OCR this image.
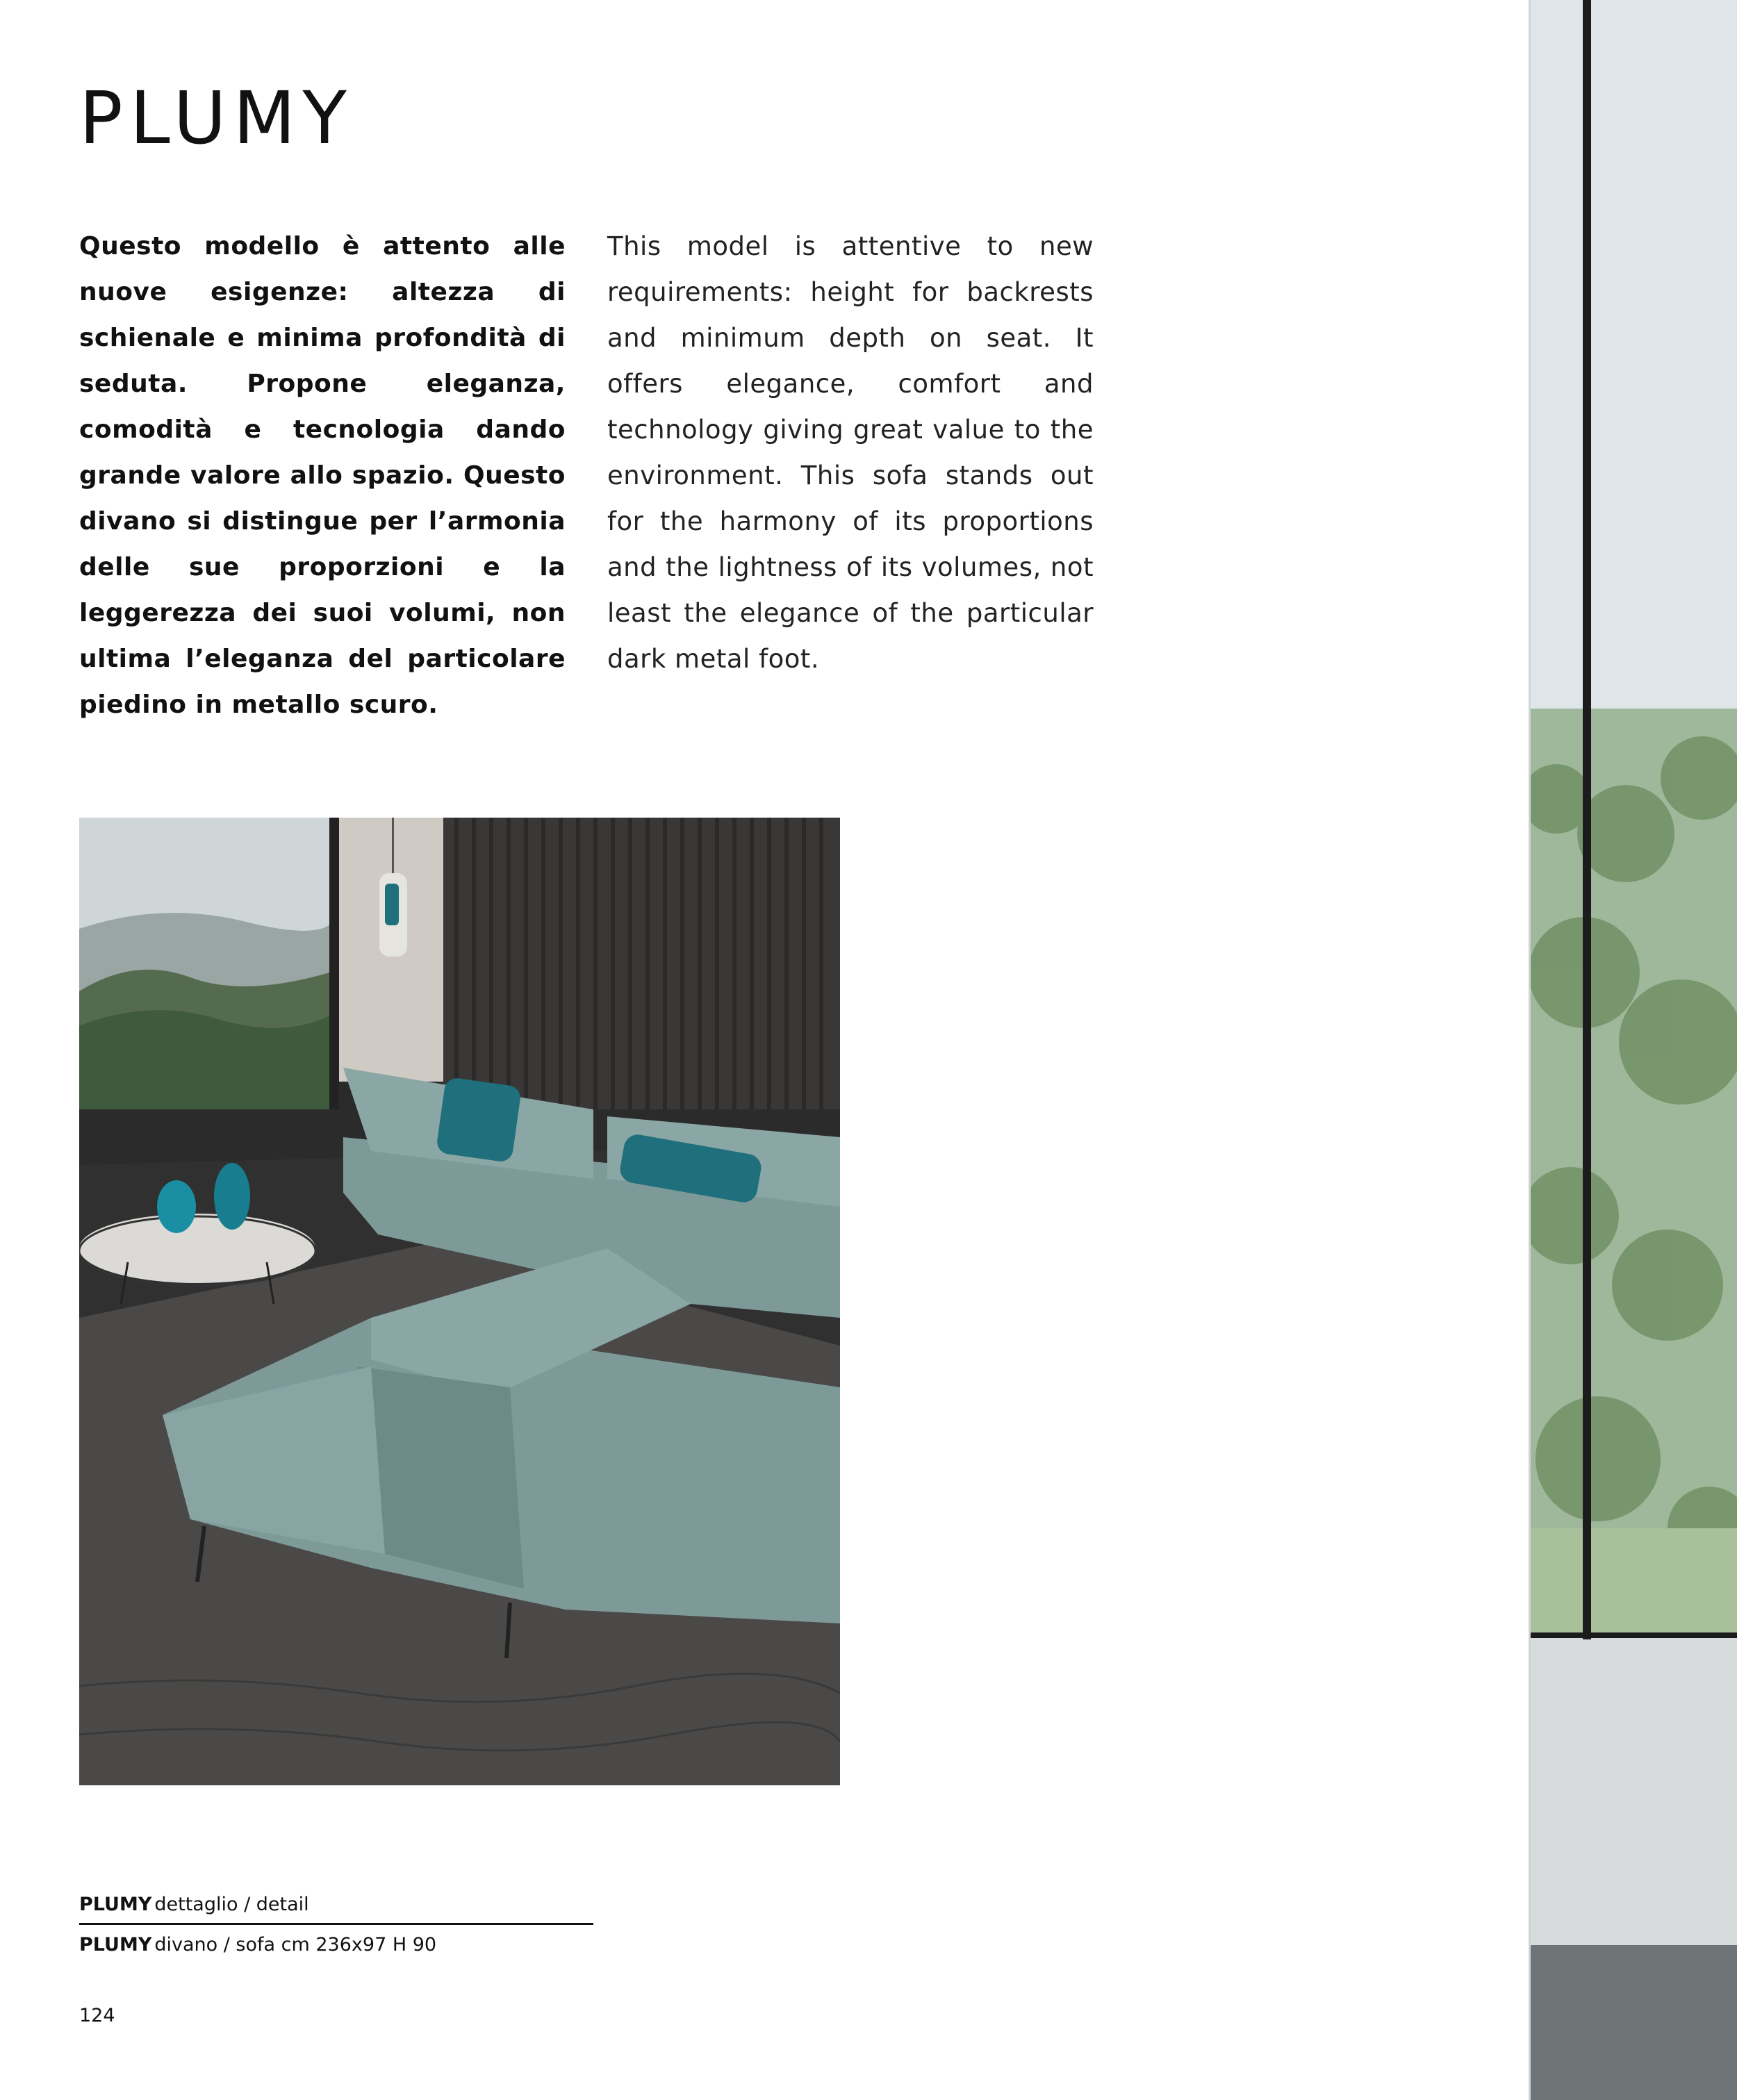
PLUMY

Questo modello è attento alle nuove esigenze: altezza di schienale e minima profondità di seduta. Propone eleganza, comodità e tecnologia dando grande valore allo spazio. Questo divano si distingue per l’armonia delle sue proporzioni e la leggerezza dei suoi volumi, non ultima l’eleganza del particolare piedino in metallo scuro.

This model is attentive to new requirements: height for backrests and minimum depth on seat. It offers elegance, comfort and technology giving great value to the environment. This sofa stands out for the harmony of its proportions and the lightness of its volumes, not least the elegance of the particular dark metal foot.

PLUMY dettaglio / detail
PLUMY divano / sofa cm 236x97 H 90
124
